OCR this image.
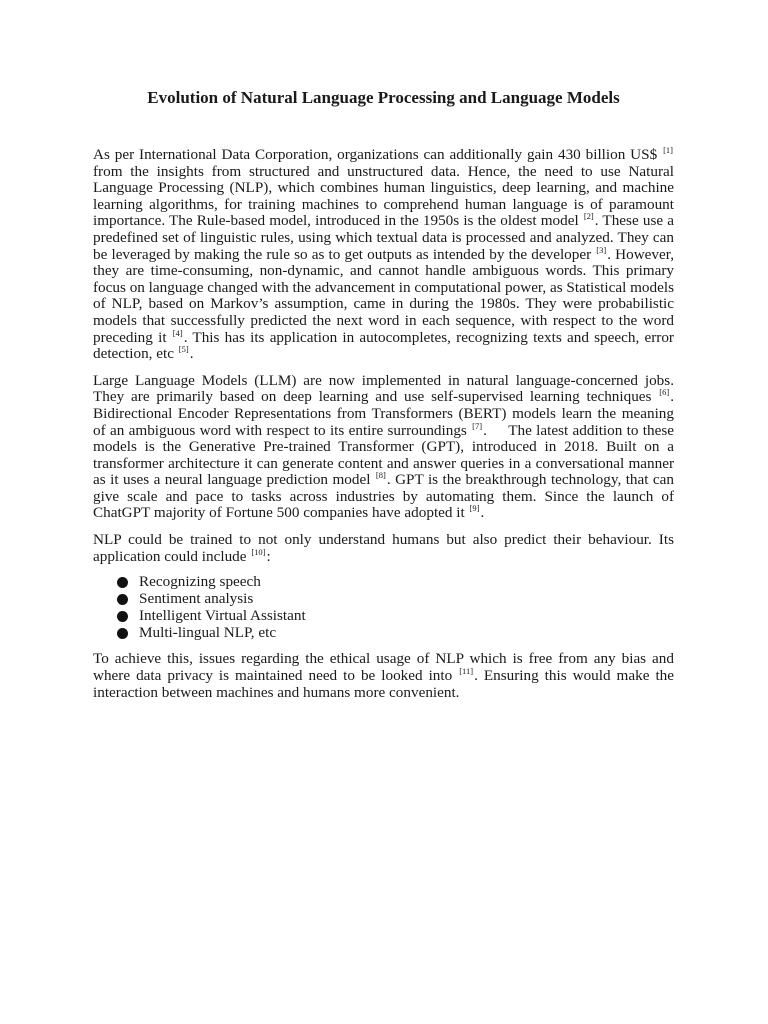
Evolution of Natural Language Processing and Language Models

As per International Data Corporation, organizations can additionally gain 430 billion US$ [1] from the insights from structured and unstructured data. Hence, the need to use Natural Language Processing (NLP), which combines human linguistics, deep learning, and machine learning algorithms, for training machines to comprehend human language is of paramount importance. The Rule-based model, introduced in the 1950s is the oldest model [2]. These use a predefined set of linguistic rules, using which textual data is processed and analyzed. They can be leveraged by making the rule so as to get outputs as intended by the developer [3]. However, they are time-consuming, non-dynamic, and cannot handle ambiguous words. This primary focus on language changed with the advancement in computational power, as Statistical models of NLP, based on Markov’s assumption, came in during the 1980s. They were probabilistic models that successfully predicted the next word in each sequence, with respect to the word preceding it [4]. This has its application in autocompletes, recognizing texts and speech, error detection, etc [5].

Large Language Models (LLM) are now implemented in natural language-concerned jobs. They are primarily based on deep learning and use self-supervised learning techniques [6]. Bidirectional Encoder Representations from Transformers (BERT) models learn the meaning of an ambiguous word with respect to its entire surroundings [7].     The latest addition to these models is the Generative Pre-trained Transformer (GPT), introduced in 2018. Built on a transformer architecture it can generate content and answer queries in a conversational manner as it uses a neural language prediction model [8]. GPT is the breakthrough technology, that can give scale and pace to tasks across industries by automating them. Since the launch of ChatGPT majority of Fortune 500 companies have adopted it [9].

NLP could be trained to not only understand humans but also predict their behaviour. Its application could include [10]:

Recognizing speech
Sentiment analysis
Intelligent Virtual Assistant
Multi-lingual NLP, etc

To achieve this, issues regarding the ethical usage of NLP which is free from any bias and where data privacy is maintained need to be looked into [11]. Ensuring this would make the interaction between machines and humans more convenient.
